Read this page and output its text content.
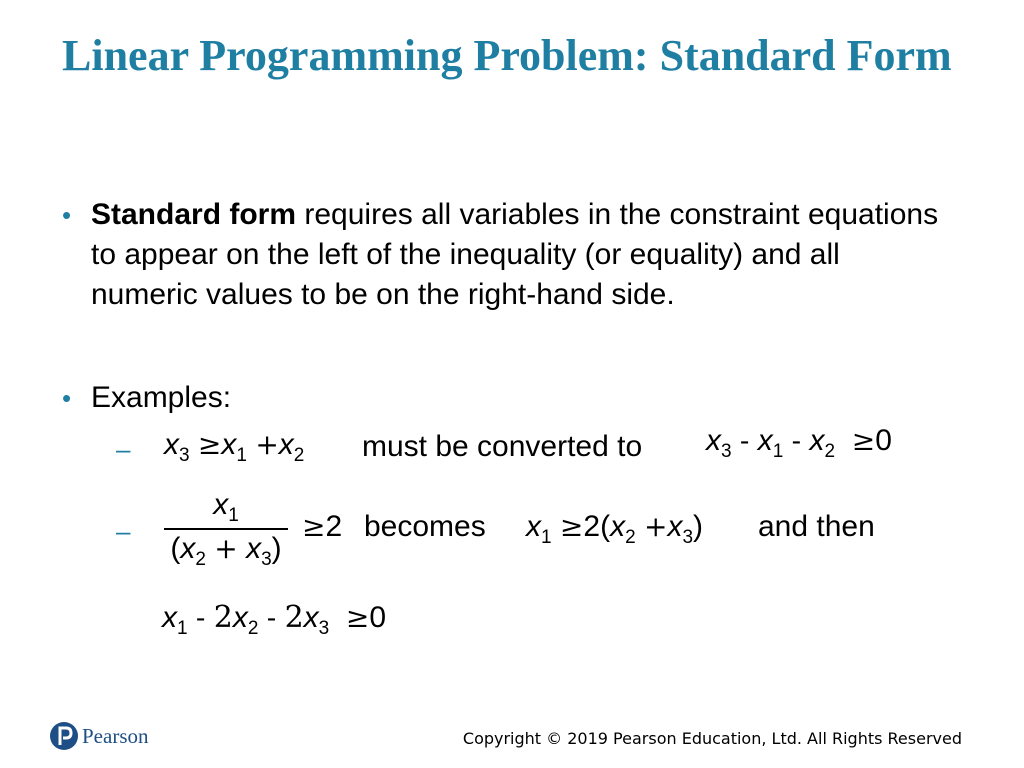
Linear Programming Problem: Standard Form
• Standard form requires all variables in the constraint equations to appear on the left of the inequality (or equality) and all numeric values to be on the right-hand side.
• Examples:
– $x_3 \ge x_1 +x_2$ must be converted to $x_3 - x_1 - x_2 \ge 0$
–
$x_1$
$(x_2 + x_3)$
≥2 becomes $x_1 \ge 2(x_2 +x_3)$ and then
$x_1 - 2x_2 - 2x_3 \ge 0$
Pearson	Copyright © 2019 Pearson Education, Ltd. All Rights Reserved
